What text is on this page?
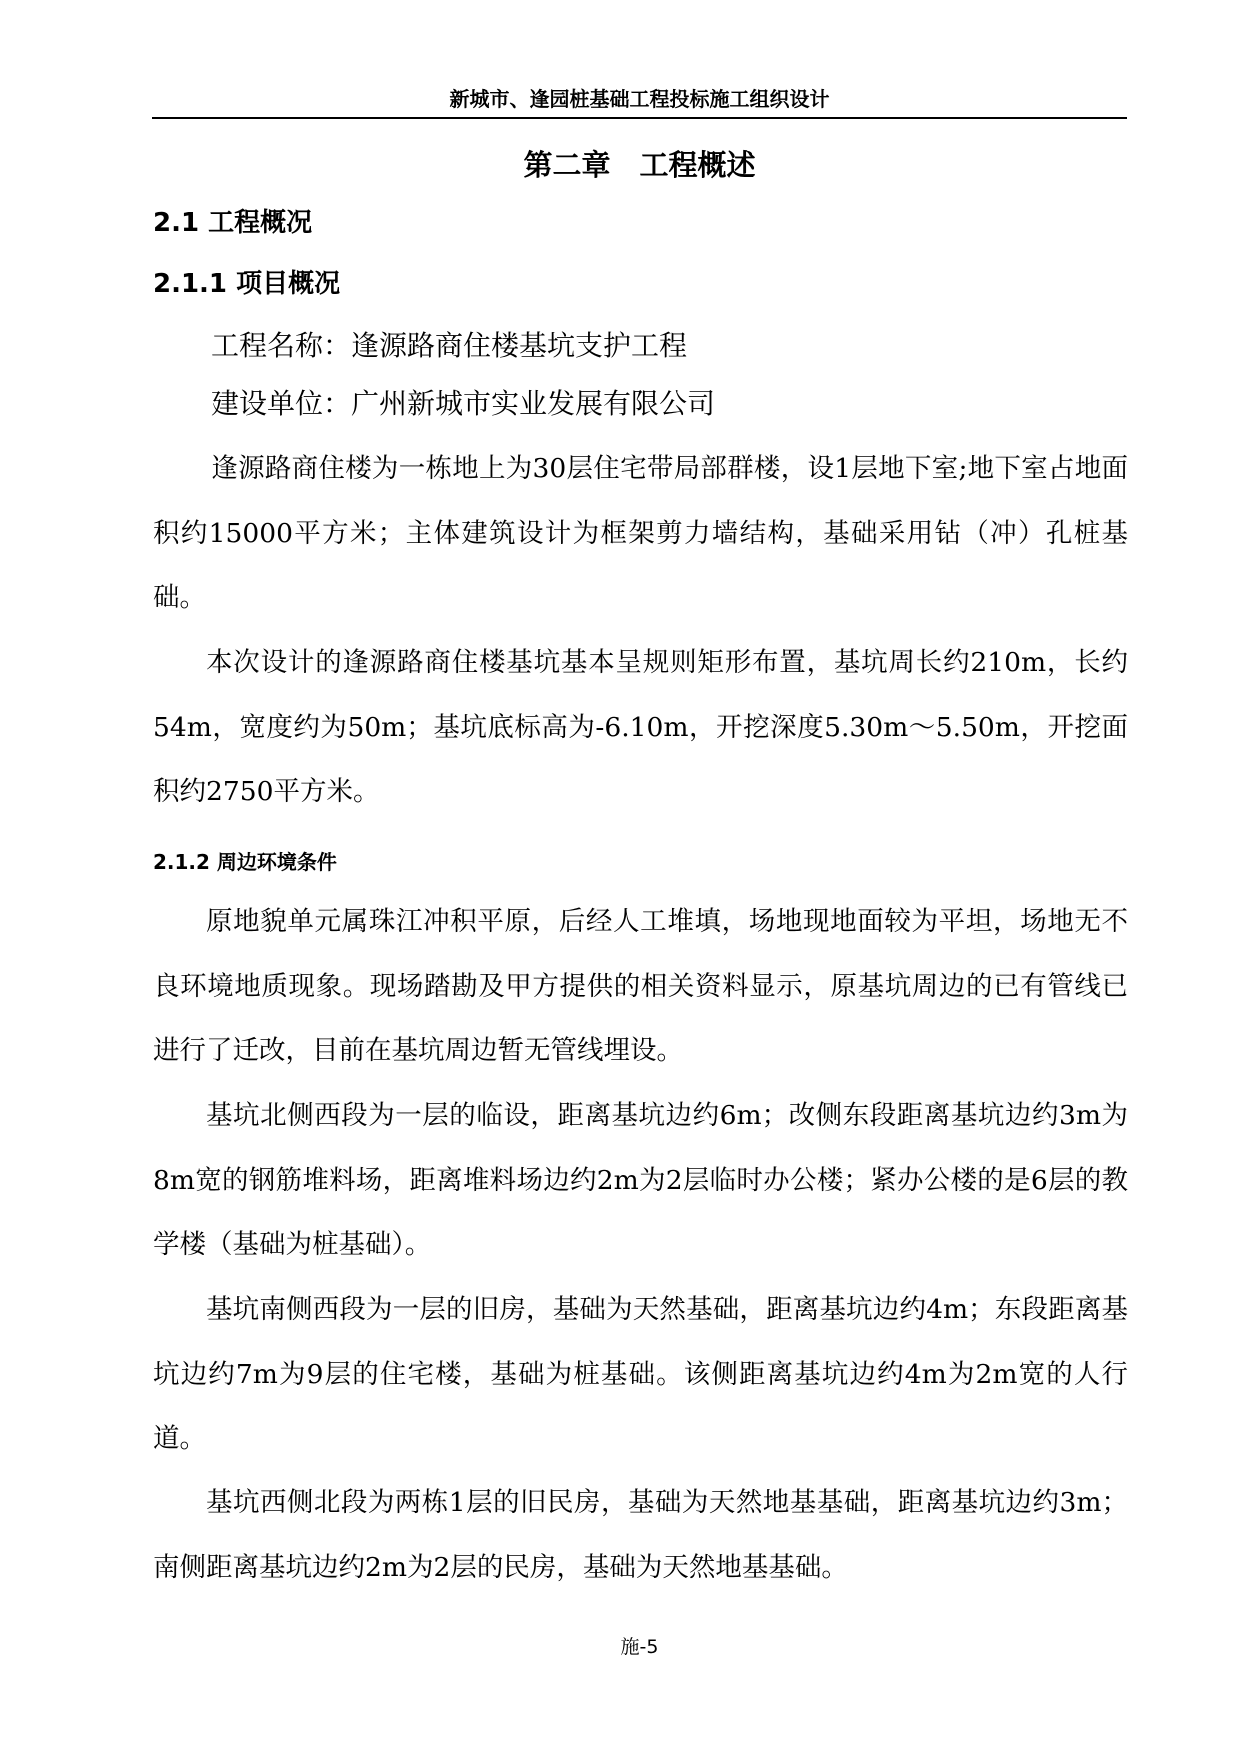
新城市、逢园桩基础工程投标施工组织设计
第二章　工程概述
2.1 工程概况
2.1.1 项目概况
工程名称：逢源路商住楼基坑支护工程
建设单位：广州新城市实业发展有限公司

逢源路商住楼为一栋地上为30层住宅带局部群楼，设1层地下室;地下室占地面积约15000平方米；主体建筑设计为框架剪力墙结构，基础采用钻（冲）孔桩基础。

本次设计的逢源路商住楼基坑基本呈规则矩形布置，基坑周长约210m，长约54m，宽度约为50m；基坑底标高为-6.10m，开挖深度5.30m～5.50m，开挖面积约2750平方米。

2.1.2 周边环境条件

原地貌单元属珠江冲积平原，后经人工堆填，场地现地面较为平坦，场地无不良环境地质现象。现场踏勘及甲方提供的相关资料显示，原基坑周边的已有管线已进行了迁改，目前在基坑周边暂无管线埋设。

基坑北侧西段为一层的临设，距离基坑边约6m；改侧东段距离基坑边约3m为8m宽的钢筋堆料场，距离堆料场边约2m为2层临时办公楼；紧办公楼的是6层的教学楼（基础为桩基础）。

基坑南侧西段为一层的旧房，基础为天然基础，距离基坑边约4m；东段距离基坑边约7m为9层的住宅楼，基础为桩基础。该侧距离基坑边约4m为2m宽的人行道。

基坑西侧北段为两栋1层的旧民房，基础为天然地基基础，距离基坑边约3m；南侧距离基坑边约2m为2层的民房，基础为天然地基基础。

施-5
